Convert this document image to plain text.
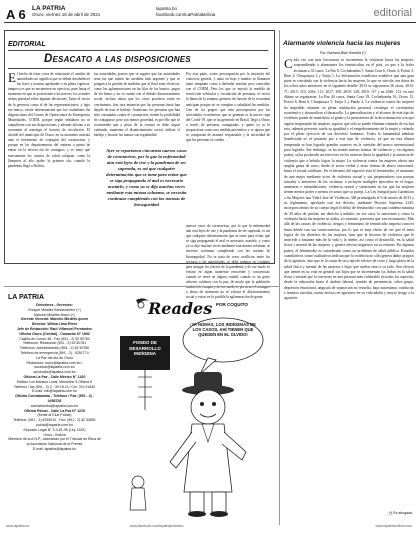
A 6 LA PATRIA
Oruro, viernes 16 de abril de 2021
lapatria.bo
facebook.com/LaPatriaBolivia	editorial
EDITORIAL
Desacato a las disposiciones
El hecho de estar cerca de reiniciarse el cambio de autoridades no significa que se deben desobedecer las leyes y normas aprobadas o en plena vigencia, tampoco es que se encuentren en ejercicio, pues hasta el momento en que se posesionen a las nuevas, los actuales tienen potestad sobre algunas decisiones. Tanto el sector de la gerencia como el de las representaciones, y bajo ese marco, existe determinación que los ciudadanos las disposiciones del Centro de Operaciones de Emergencia Municipales, COEM, porque según señalaron no se cumplieron con sus disposiciones y además afectan a su economía al restringir el horario de circulación. El alcalde del municipio de Oruro, en su momento instruía ante el incremento de contagios del coronavirus, y porque en los departamentos del entorno a punto de entrar en la tercera ola de contagios, y se tomó que nuevamente los centros de salud colapsen, como la llamaron al alto poder la primera ola, cuando la pandemia llegó a Bolivia.
las autoridades, puesto que se sugiere que las autoridades sean las que tomen las medidas más urgentes y que se pongan a la gestión de medidas que al final sean efectivas, como las aglomeraciones en las filas de los bancos, pagos de los bonos y no se cuenta con el debido distanciamiento social, incluso ahora que los casos positivos están en crecimiento, hay otra instancia que las personas hasta han dejado de usar el barbijo. Asimismo, las personas que han sido vacunadas contra el coronavirus, tienen la posibilidad de contagiarse, pero con menor gravedad, es por ello que se recomienda que a pesar de la vacuna se debe seguir cuidando, mantener el distanciamiento social, utilizar el barbijo y lavarse las manos con regularidad.
Ayer se reportaron cincuenta nuevos casos de coronavirus, por lo que la enfermedad aún está lejos de irse y la pandemia de ser superada, es así que cualquier determinación que se tome para evitar que se siga propagando el mal es necesario acatarlo, y como ya se dijo muchas veces mediante esta misma columna, se necesita continuar cumpliendo con las normas de bioseguridad
Por esta parte, existe preocupación por la situación del comercio general, y tanto en bajo y tambos se llamaron tanto temprano como a defender muchas pero coinciden con el COEM. Pero los que se mostró la medida de restricción vehicular y circulación de personas, el sector la llama de la semana, gremios de fuerzas de la economía anticipan porque no se cumplan a cabalidad las medidas. Uno de los grupos que más preocupación por las actividades económicas que se generan es la nueva cepa del Covid-19, que se ha generado en Brasil, llegó a Oruro a través de personas contagiadas, y quien ya se le proporciona como una medida preventiva y se quiera que se comportan de manera responsable y la necesidad de que las personas se cuiden.
nuevos casos de coronavirus, por lo que la enfermedad aún está lejos de irse y la pandemia de ser superada, es así que cualquier determinación que se tome para evitar que se siga propagando el mal es necesario acatarlo, y como ya se dijo muchas veces mediante esta misma columna, se necesita continuar cumpliendo con las normas de bioseguridad. No se trata de crear conflictos entre los sectores y las autoridades, se debe trabajar en conjunto para mitigar los efectos de la pandemia y de ese modo se evitará en algún momento retroceder y concienciar, cuando se retire en alguna ciudad, cuando es un gesto adverso colabora con la paz, de modo que la población también lo cumpla y de ese modo se previene el contagio, y ahora de momento no se evitará el distanciamiento social y evitar en lo posible la aglomeración de gente.
Alarmante violencia hacia las mujeres
Por: Barbara Blair Heredia (*)
Cada vez con más frecuencia se incrementa la violencia hacia las mujeres, sorprendiendo a alarmantes los feminicidios en el país, ya que a la fecha alcanzan a 33 casos. La Paz 8, Cochabamba 7, Santa Cruz 6, Oruro 4, Potosí 3, Beni 2, Chuquisaca 2 y Tarija 1. La Información estadística establece que una gran parte es vinculada con la violencia hacia las mujeres, lo que se vincula con datos de los ochos años anteriores en el siguiente detalle: 2013 se registraron 26 casos; 2014: 71; 2015: 110; 2016: 111; 2017: 109; 2018: 128; 2019: 117 y en 2020: 113, en este último se registraron: La Paz 44 casos, Santa Cruz 19, Cochabamba 16, Oruro 13, Potosí 6, Beni 6, Chuquisaca 5, Tarija 2 y Pando 2. La violencia contra las mujeres ha impedido alcanzar su plena realización personal, restringir el crecimiento económico y obstaculizar el desarrollo. La generalización y el alcance de este tipo de violencia ponen de manifiesto el grado y la persistencia de la discriminación con que siguen tropezando las mujeres, aspecto que sólo se puede eliminar tratando de excluir esta, además prevenir, tutela su igualdad y el empoderamiento de la mujer y velando por el pleno ejercicio de sus derechos humanos. Todos la humanidad admitan beneficiada se vé pasando por a este tipo de violencia, ya que en esta última temporada se han logrado grandes avances en la cuestión del marco internacional para lograrlo. Sin embargo, se ha tenido nuevas formas de violencia y, en algunos países, se ha producido un retroceso en los avances hacia la igualdad y la ausencia de violencia que a bebido lograr la mujer. La violencia contra las mujeres afecta una amplia gama de actos, desde el acoso verbal y otras formas de abuso emocional, hasta el sexual cotidiano. En el extremo del espectro está el feminicidio, el asesinato de una mujer mediante actos de violencia sexual y sus perpetradores son parejas actuales o anteriores de las víctimas, o incluyen múltiples episodios en el hogar, amenazas e intimidaciones, violencia sexual y situaciones en las que las mujeres tienen menos poder o menos recursos que su pareja. La Ley Integral para Garantizar a las Mujeres una Vida Libre de Violencia, 348 promulgada el 9 de marzo de 2013 y su reglamento, aprobado con ese decreto, mediante Decreto Supremo 2145, incorpora dentro de su cuerpo legal el delito de feminicidio con una condena máxima de 30 años de prisión, sin derecho a indulto, en ese caso, la sancionan y como la violencia hacia las mujeres se acaba, al contrario, pareciera que van en aumento. Más allá de las causas de violencia, riesgos y feminismo de feminicidio importa conocer hasta dónde van sus consecuencias, por lo que es muy efecto de ver que el tema lógica de los derechos de las mujeres, sino que la historia de violencia que le antecede a bastante más de la vida y la mente, así como el desarrollo, en la salud física y mental de las mujeres, y genera efectos negativos en su entorno. En algunos países, el feminicidio es considerado como un problema de salud pública. Estudios cuantitativos como cualitativos indican que la violencia no sólo genera daños propios de la agresión, sino que es la causa de otro tipo de efectos de corto y largo plazo en la salud física y mental de las mujeres e hijos que suelen estar a su lado. Son efectos que tienen en su vida en general sus hijos que se incrementan los daños en la salud física y mental que la convierte en una persona más vulnerable en todos los aspectos, desde la educación hasta el ámbito laboral, sentido de pertenencia, sobre grupo, depresión emocional, angustia de separación no resuelta, baja autoestima, conductas e intentos suicidas, tornar incluso en agresores en su vida adulta y mayor riesgo a la agresión.
(*) Es abogada
LA PATRIA
Directores - Gerentes:
Enrique Miralles Bonnecarrère (+)
Marcelo Miralles Bravo (+)
Gerente General: Marcelo Miralles Iporre
Director: Wilma Lima Pérez
Jefe de Redacción: Raúl Villarroel Fernández
Oficina Oruro (Central) - Camacho N° 1892
Casilla de Correo 48 - Fax (591 - 2) 52 50782
Teléfonos: Redacción (591 - 2) 52 50781
Teléfonos: Administración (591 - 2) 52 50780
Teléfono de emergencia (591 - 2) - 5251774
La Paz del día de Oruro
Redacción: oruro@lapatria.com.bo / sucesos@lapatria.com.bo
opiniones@lapatria.com.bo
Oficina La Paz - Calle México N° 1420
Edificio Los Mansos Local, Mezanine 4 Oficina 8
Teléfono / fax (591 - 2) 2 - 39 18 13 / Cel. 761 91840
E-mail: info@lapatria.com.bo
Oficina Cochabamba - Teléfono / Fax: (591 - 4) - 4458726
cochabamba@lapatria.com.bo
Oficina Potosí - Calle La Paz N° 1215
(frente al Club Potosí)
Teléfono: (591 - 2) 6235010 - Fax: (591 - 2) 62 50891
potosi@lapatria.com.bo
Depósito Legal N° 3-3-81-95 (Ley 1322)
Oruro - Bolivia
Miembro de la A.N.P., autorizado por el Tribunal de Ética de la Asociación Nacional de la Prensa
E-mail: lapatria@lapatria.bo
Reades POR COQUITO
¡YA NOMÁS, LOS INDÍGENAS DE LOS CASOS, AHÍ TIENEN QUE QUEDEN EN EL OLVIDO!
FONDO DE DESARROLLO INDÍGENA
www.lapatria.bo	www.facebook.com/lapatriaperiodico	www.lapatriaenlinea.com
